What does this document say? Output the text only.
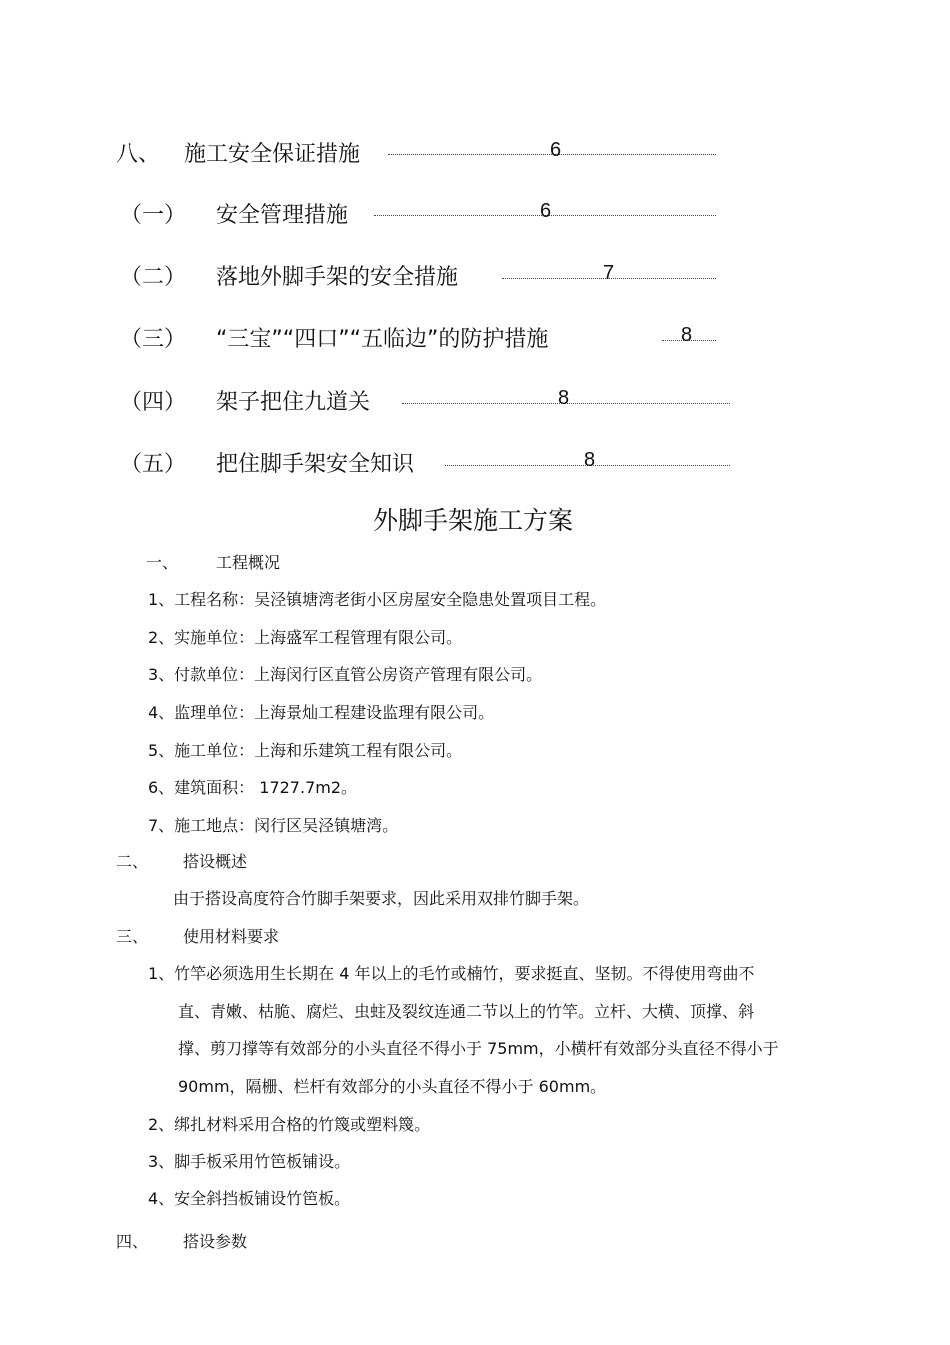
八、 施工安全保证措施	6
（一） 安全管理措施	6
（二） 落地外脚手架的安全措施	7
（三） “三宝”“四口”“五临边”的防护措施	8
（四） 架子把住九道关	8
（五） 把住脚手架安全知识	8
外脚手架施工方案
一、 工程概况
1、工程名称：吴泾镇塘湾老街小区房屋安全隐患处置项目工程。
2、实施单位：上海盛军工程管理有限公司。
3、付款单位：上海闵行区直管公房资产管理有限公司。
4、监理单位：上海景灿工程建设监理有限公司。
5、施工单位：上海和乐建筑工程有限公司。
6、建筑面积： 1727.7m2。
7、施工地点：闵行区吴泾镇塘湾。
二、 搭设概述
由于搭设高度符合竹脚手架要求，因此采用双排竹脚手架。
三、 使用材料要求
1、竹竿必须选用生长期在 4 年以上的毛竹或楠竹，要求挺直、坚韧。不得使用弯曲不
直、青嫩、枯脆、腐烂、虫蛀及裂纹连通二节以上的竹竿。立杆、大横、顶撑、斜
撑、剪刀撑等有效部分的小头直径不得小于 75mm，小横杆有效部分头直径不得小于
90mm，隔栅、栏杆有效部分的小头直径不得小于 60mm。
2、绑扎材料采用合格的竹篾或塑料篾。
3、脚手板采用竹笆板铺设。
4、安全斜挡板铺设竹笆板。
四、 搭设参数
